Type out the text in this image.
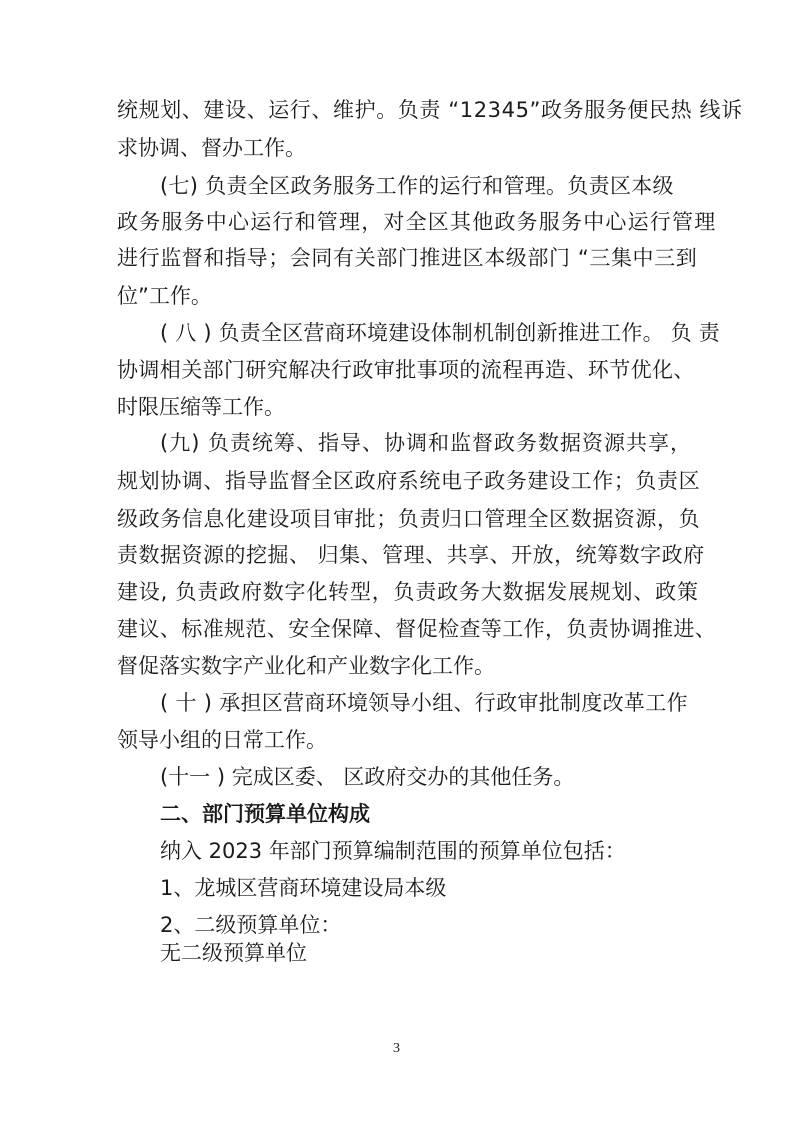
统规划、建设、运行、维护。负责 “12345”政务服务便民热 线诉

求协调、督办工作。

(七) 负责全区政务服务工作的运行和管理。负责区本级

政务服务中心运行和管理，对全区其他政务服务中心运行管理

进行监督和指导；会同有关部门推进区本级部门 “三集中三到

位”工作。

( 八 ) 负责全区营商环境建设体制机制创新推进工作。 负 责

协调相关部门研究解决行政审批事项的流程再造、环节优化、

时限压缩等工作。

(九) 负责统筹、指导、协调和监督政务数据资源共享，

规划协调、指导监督全区政府系统电子政务建设工作；负责区

级政务信息化建设项目审批；负责归口管理全区数据资源，负

责数据资源的挖掘、 归集、管理、共享、开放，统筹数字政府

建设, 负责政府数字化转型，负责政务大数据发展规划、政策

建议、标准规范、安全保障、督促检查等工作，负责协调推进、

督促落实数字产业化和产业数字化工作。

( 十 ) 承担区营商环境领导小组、行政审批制度改革工作

领导小组的日常工作。

(十一 ) 完成区委、 区政府交办的其他任务。

二、部门预算单位构成

纳入 2023 年部门预算编制范围的预算单位包括：

1、龙城区营商环境建设局本级

2、二级预算单位：

无二级预算单位

3
